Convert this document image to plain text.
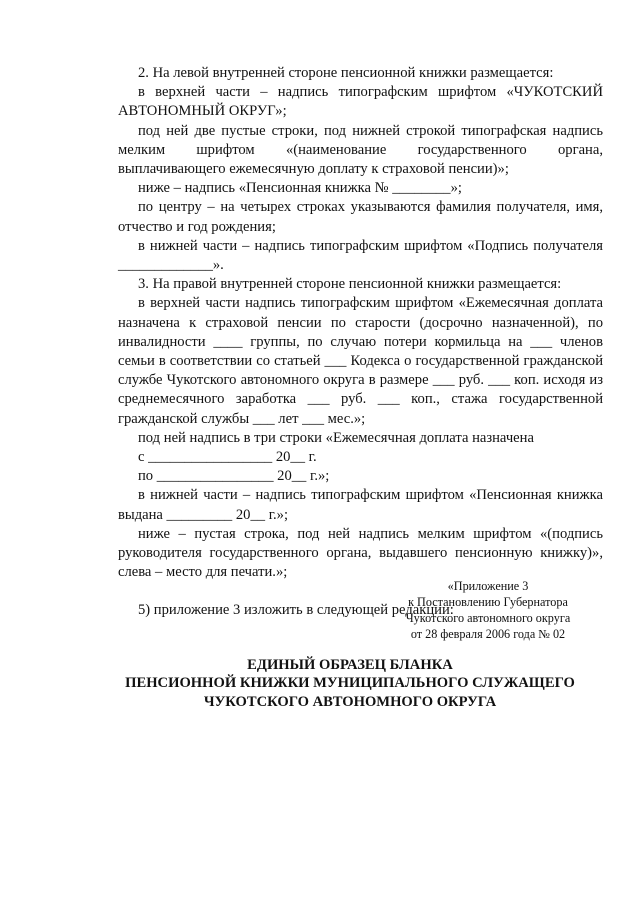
2. На левой внутренней стороне пенсионной книжки размещается:

в верхней части – надпись типографским шрифтом «ЧУКОТСКИЙ АВТОНОМНЫЙ ОКРУГ»;

под ней две пустые строки, под нижней строкой типографская надпись мелким шрифтом «(наименование государственного органа, выплачивающего ежемесячную доплату к страховой пенсии)»;

ниже – надпись «Пенсионная книжка № ________»;

по центру – на четырех строках указываются фамилия получателя, имя, отчество и год рождения;

в нижней части – надпись типографским шрифтом «Подпись получателя _____________».

3. На правой внутренней стороне пенсионной книжки размещается:

в верхней части надпись типографским шрифтом «Ежемесячная доплата назначена к страховой пенсии по старости (досрочно назначенной), по инвалидности ____ группы, по случаю потери кормильца на ___ членов семьи в соответствии со статьей ___ Кодекса о государственной гражданской службе Чукотского автономного округа в размере ___ руб. ___ коп. исходя из среднемесячного заработка ___ руб. ___ коп., стажа государственной гражданской службы ___ лет ___ мес.»;

под ней надпись в три строки «Ежемесячная доплата назначена

с _________________ 20__ г.

по ________________ 20__ г.»;

в нижней части – надпись типографским шрифтом «Пенсионная книжка выдана _________ 20__ г.»;

ниже – пустая строка, под ней надпись мелким шрифтом «(подпись руководителя государственного органа, выдавшего пенсионную книжку)», слева – место для печати.»;

5) приложение 3 изложить в следующей редакции:

«Приложение 3
к Постановлению Губернатора
Чукотского автономного округа
от 28 февраля 2006 года № 02
ЕДИНЫЙ ОБРАЗЕЦ БЛАНКА
ПЕНСИОННОЙ КНИЖКИ МУНИЦИПАЛЬНОГО СЛУЖАЩЕГО
ЧУКОТСКОГО АВТОНОМНОГО ОКРУГА
